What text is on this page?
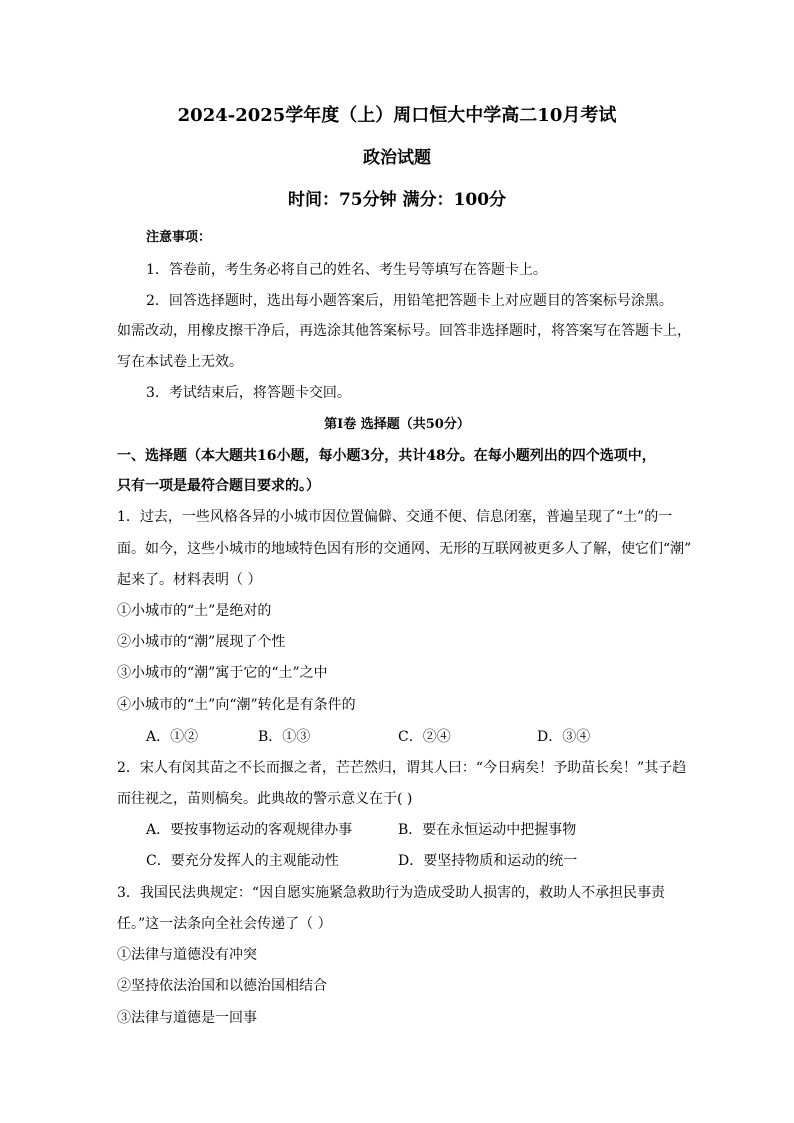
2024-2025学年度（上）周口恒大中学高二10月考试
政治试题
时间：75分钟 满分：100分
注意事项：
1．答卷前，考生务必将自己的姓名、考生号等填写在答题卡上。
2．回答选择题时，选出每小题答案后，用铅笔把答题卡上对应题目的答案标号涂黑。
如需改动，用橡皮擦干净后，再选涂其他答案标号。回答非选择题时，将答案写在答题卡上，
写在本试卷上无效。
3．考试结束后，将答题卡交回。
第Ⅰ卷 选择题（共50分）
一、选择题（本大题共16小题，每小题3分，共计48分。在每小题列出的四个选项中，
只有一项是最符合题目要求的。）
1．过去，一些风格各异的小城市因位置偏僻、交通不便、信息闭塞，普遍呈现了“土”的一
面。如今，这些小城市的地域特色因有形的交通网、无形的互联网被更多人了解，使它们“潮”
起来了。材料表明（ ）
①小城市的“土”是绝对的
②小城市的“潮”展现了个性
③小城市的“潮”寓于它的“土”之中
④小城市的“土”向“潮”转化是有条件的
A．①②	B．①③	C．②④	D．③④
2．宋人有闵其苗之不长而揠之者，芒芒然归，谓其人曰：“今日病矣！予助苗长矣！”其子趋
而往视之，苗则槁矣。此典故的警示意义在于( )
A．要按事物运动的客观规律办事	B．要在永恒运动中把握事物
C．要充分发挥人的主观能动性	D．要坚持物质和运动的统一
3．我国民法典规定：“因自愿实施紧急救助行为造成受助人损害的，救助人不承担民事责
任。”这一法条向全社会传递了（ ）
①法律与道德没有冲突
②坚持依法治国和以德治国相结合
③法律与道德是一回事
